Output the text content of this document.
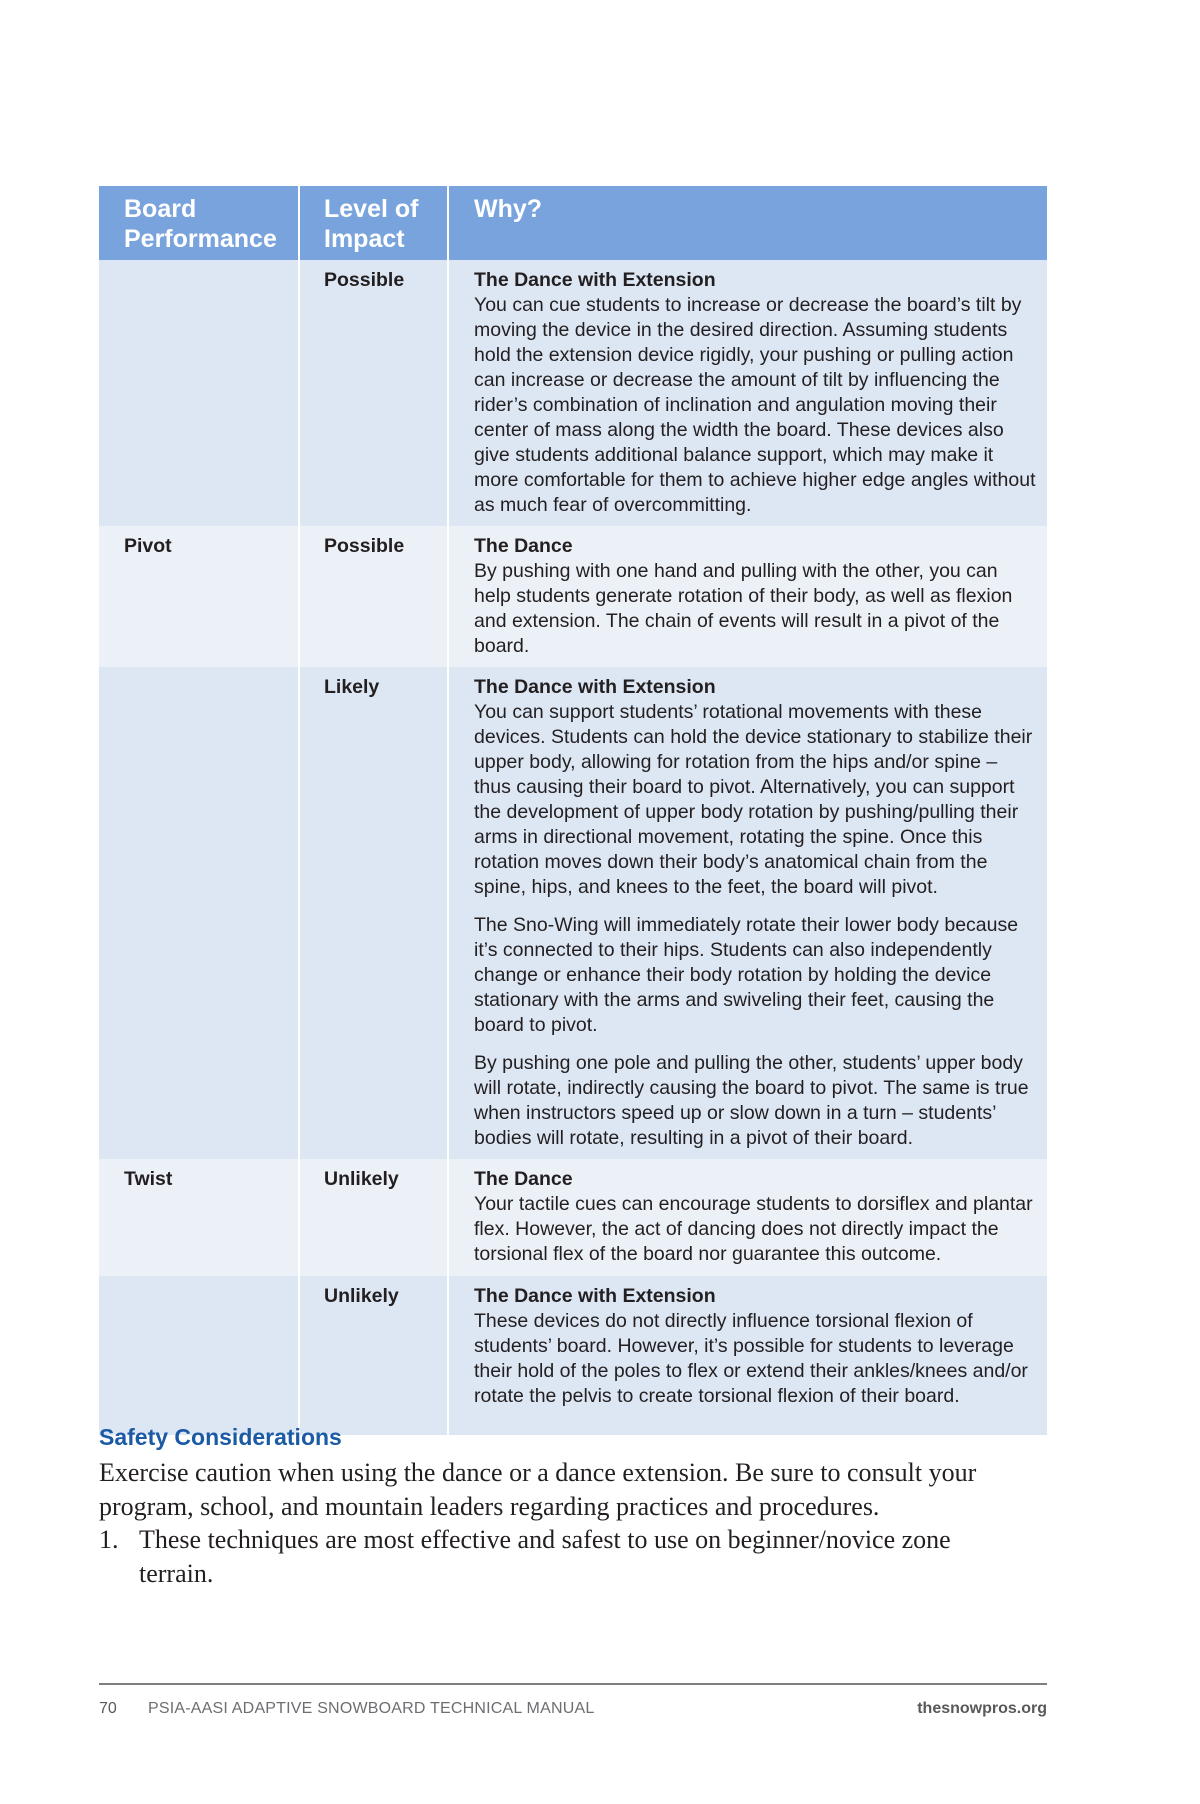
Board Performance	Level of Impact	Why?
	Possible	The Dance with Extension
You can cue students to increase or decrease the board’s tilt by moving the device in the desired direction. Assuming students hold the extension device rigidly, your pushing or pulling action can increase or decrease the amount of tilt by influencing the rider’s combination of inclination and angulation moving their center of mass along the width the board. These devices also give students additional balance support, which may make it more comfortable for them to achieve higher edge angles without as much fear of overcommitting.

Pivot	Possible	The Dance
By pushing with one hand and pulling with the other, you can help students generate rotation of their body, as well as flexion and extension. The chain of events will result in a pivot of the board.

	Likely	The Dance with Extension
You can support students’ rotational movements with these devices. Students can hold the device stationary to stabilize their upper body, allowing for rotation from the hips and/or spine – thus causing their board to pivot. Alternatively, you can support the development of upper body rotation by pushing/pulling their arms in directional movement, rotating the spine. Once this rotation moves down their body’s anatomical chain from the spine, hips, and knees to the feet, the board will pivot.
The Sno-Wing will immediately rotate their lower body because it’s connected to their hips. Students can also independently change or enhance their body rotation by holding the device stationary with the arms and swiveling their feet, causing the board to pivot.
By pushing one pole and pulling the other, students’ upper body will rotate, indirectly causing the board to pivot. The same is true when instructors speed up or slow down in a turn – students’ bodies will rotate, resulting in a pivot of their board.

Twist	Unlikely	The Dance
Your tactile cues can encourage students to dorsiflex and plantar flex. However, the act of dancing does not directly impact the torsional flex of the board nor guarantee this outcome.

	Unlikely	The Dance with Extension
These devices do not directly influence torsional flexion of students’ board. However, it’s possible for students to leverage their hold of the poles to flex or extend their ankles/knees and/or rotate the pelvis to create torsional flexion of their board.
Safety Considerations

Exercise caution when using the dance or a dance extension. Be sure to consult your program, school, and mountain leaders regarding practices and procedures.

1. These techniques are most effective and safest to use on beginner/novice zone terrain.
70 PSIA-AASI ADAPTIVE SNOWBOARD TECHNICAL MANUAL	thesnowpros.org
